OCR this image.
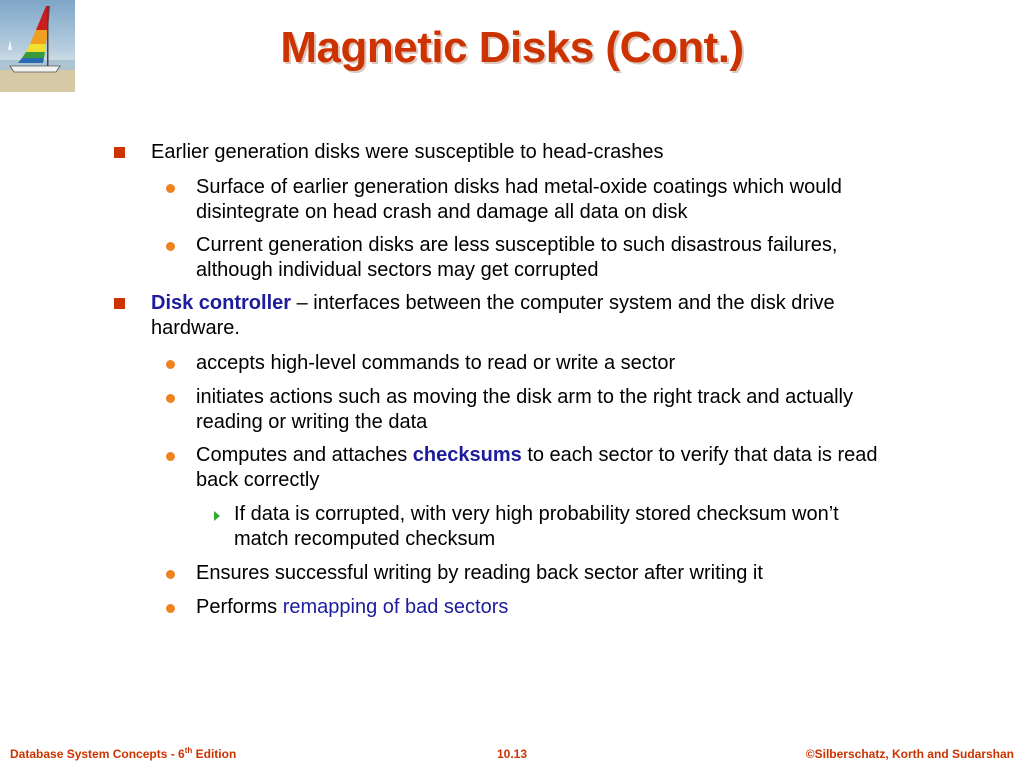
Magnetic Disks (Cont.)
Earlier generation disks were susceptible to head-crashes
Surface of earlier generation disks had metal-oxide coatings which would disintegrate on head crash and damage all data on disk
Current generation disks are less susceptible to such disastrous failures, although individual sectors may get corrupted
Disk controller – interfaces between the computer system and the disk drive hardware.
accepts high-level commands to read or write a sector
initiates actions such as moving the disk arm to the right track and actually reading or writing the data
Computes and attaches checksums to each sector to verify that data is read back correctly
If data is corrupted, with very high probability stored checksum won’t match recomputed checksum
Ensures successful writing by reading back sector after writing it
Performs remapping of bad sectors
Database System Concepts - 6th Edition	10.13	©Silberschatz, Korth and Sudarshan
